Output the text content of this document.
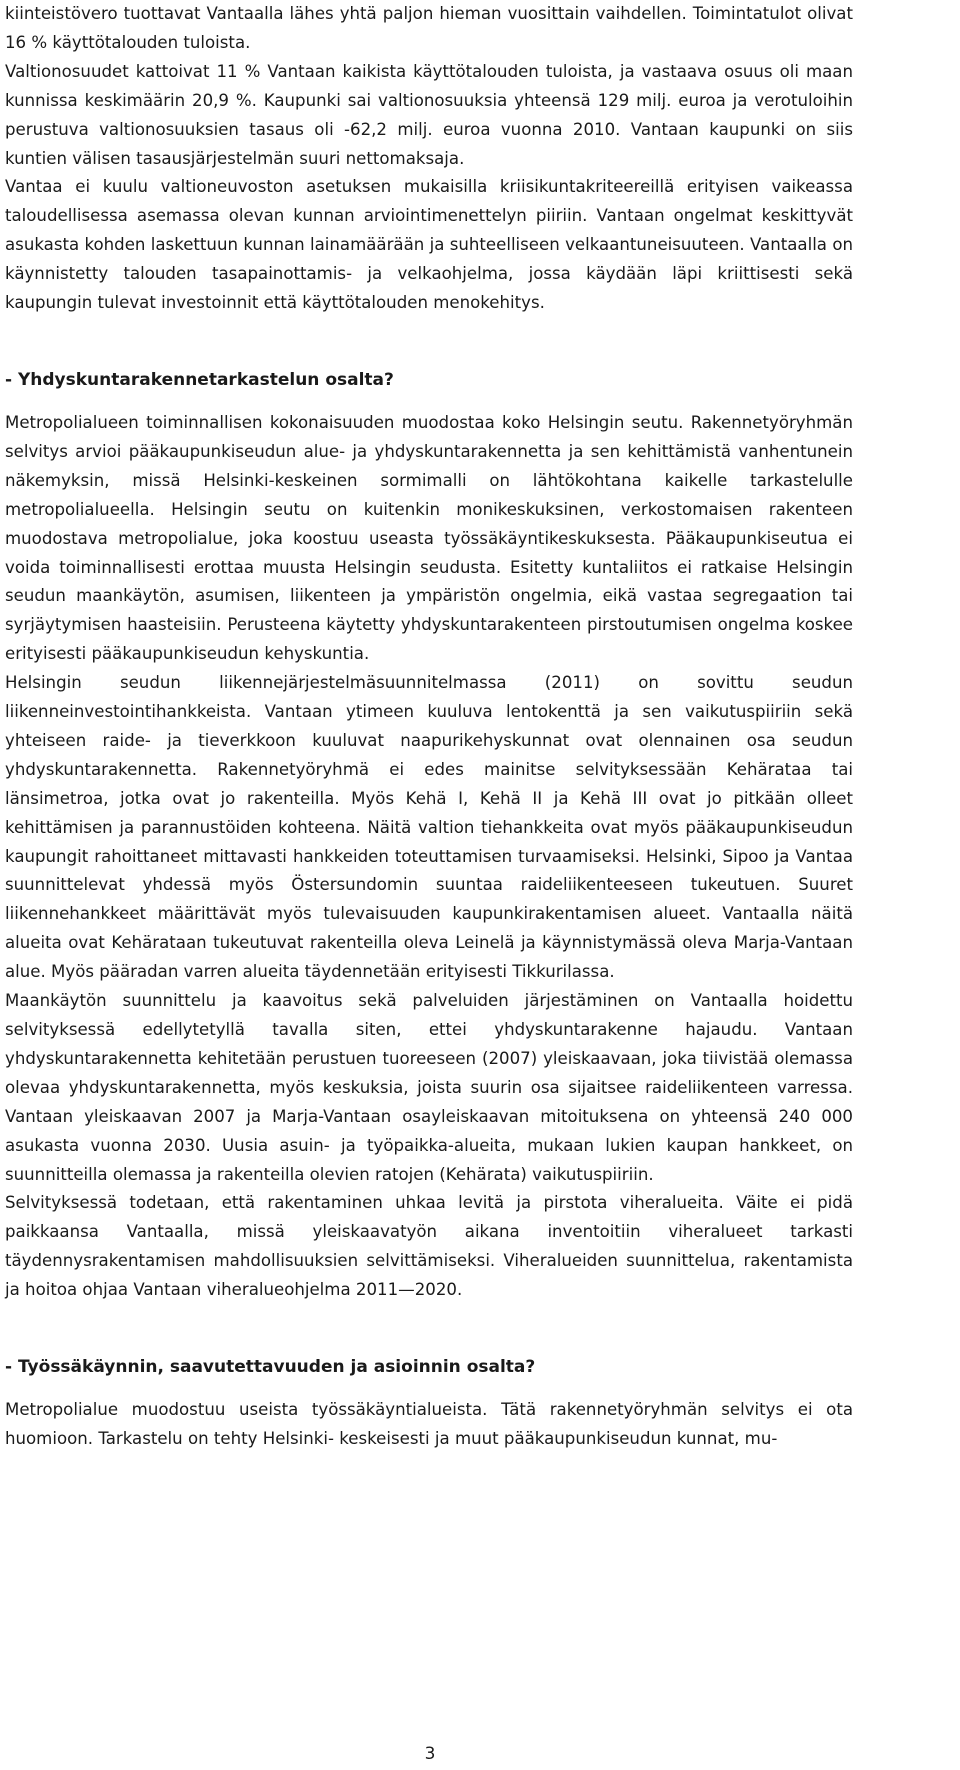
kiinteistövero tuottavat Vantaalla lähes yhtä paljon hieman vuosittain vaihdellen. Toimintatulot olivat 16 % käyttötalouden tuloista.

Valtionosuudet kattoivat 11 % Vantaan kaikista käyttötalouden tuloista, ja vastaava osuus oli maan kunnissa keskimäärin 20,9 %. Kaupunki sai valtionosuuksia yhteensä 129 milj. euroa ja verotuloihin perustuva valtionosuuksien tasaus oli -62,2 milj. euroa vuonna 2010. Vantaan kaupunki on siis kuntien välisen tasausjärjestelmän suuri nettomaksaja.

Vantaa ei kuulu valtioneuvoston asetuksen mukaisilla kriisikuntakriteereillä erityisen vaikeassa taloudellisessa asemassa olevan kunnan arviointimenettelyn piiriin. Vantaan ongelmat keskittyvät asukasta kohden laskettuun kunnan lainamäärään ja suhteelliseen velkaantuneisuuteen. Vantaalla on käynnistetty talouden tasapainottamis- ja velkaohjelma, jossa käydään läpi kriittisesti sekä kaupungin tulevat investoinnit että käyttötalouden menokehitys.

- Yhdyskuntarakennetarkastelun osalta?

Metropolialueen toiminnallisen kokonaisuuden muodostaa koko Helsingin seutu. Rakennetyöryhmän selvitys arvioi pääkaupunkiseudun alue- ja yhdyskuntarakennetta ja sen kehittämistä vanhentunein näkemyksin, missä Helsinki-keskeinen sormimalli on lähtökohtana kaikelle tarkastelulle metropolialueella. Helsingin seutu on kuitenkin monikeskuksinen, verkostomaisen rakenteen muodostava metropolialue, joka koostuu useasta työssäkäyntikeskuksesta. Pääkaupunkiseutua ei voida toiminnallisesti erottaa muusta Helsingin seudusta. Esitetty kuntaliitos ei ratkaise Helsingin seudun maankäytön, asumisen, liikenteen ja ympäristön ongelmia, eikä vastaa segregaation tai syrjäytymisen haasteisiin. Perusteena käytetty yhdyskuntarakenteen pirstoutumisen ongelma koskee erityisesti pääkaupunkiseudun kehyskuntia.

Helsingin seudun liikennejärjestelmäsuunnitelmassa (2011) on sovittu seudun liikenneinvestointihankkeista. Vantaan ytimeen kuuluva lentokenttä ja sen vaikutuspiiriin sekä yhteiseen raide- ja tieverkkoon kuuluvat naapurikehyskunnat ovat olennainen osa seudun yhdyskuntarakennetta. Rakennetyöryhmä ei edes mainitse selvityksessään Kehärataa tai länsimetroa, jotka ovat jo rakenteilla. Myös Kehä I, Kehä II ja Kehä III ovat jo pitkään olleet kehittämisen ja parannustöiden kohteena. Näitä valtion tiehankkeita ovat myös pääkaupunkiseudun kaupungit rahoittaneet mittavasti hankkeiden toteuttamisen turvaamiseksi. Helsinki, Sipoo ja Vantaa suunnittelevat yhdessä myös Östersundomin suuntaa raideliikenteeseen tukeutuen. Suuret liikennehankkeet määrittävät myös tulevaisuuden kaupunkirakentamisen alueet. Vantaalla näitä alueita ovat Kehärataan tukeutuvat rakenteilla oleva Leinelä ja käynnistymässä oleva Marja-Vantaan alue. Myös pääradan varren alueita täydennetään erityisesti Tikkurilassa.

Maankäytön suunnittelu ja kaavoitus sekä palveluiden järjestäminen on Vantaalla hoidettu selvityksessä edellytetyllä tavalla siten, ettei yhdyskuntarakenne hajaudu. Vantaan yhdyskuntarakennetta kehitetään perustuen tuoreeseen (2007) yleiskaavaan, joka tiivistää olemassa olevaa yhdyskuntarakennetta, myös keskuksia, joista suurin osa sijaitsee raideliikenteen varressa. Vantaan yleiskaavan 2007 ja Marja-Vantaan osayleiskaavan mitoituksena on yhteensä 240 000 asukasta vuonna 2030. Uusia asuin- ja työpaikka-alueita, mukaan lukien kaupan hankkeet, on suunnitteilla olemassa ja rakenteilla olevien ratojen (Kehärata) vaikutuspiiriin.

Selvityksessä todetaan, että rakentaminen uhkaa levitä ja pirstota viheralueita. Väite ei pidä paikkaansa Vantaalla, missä yleiskaavatyön aikana inventoitiin viheralueet tarkasti täydennysrakentamisen mahdollisuuksien selvittämiseksi. Viheralueiden suunnittelua, rakentamista ja hoitoa ohjaa Vantaan viheralueohjelma 2011—2020.

- Työssäkäynnin, saavutettavuuden ja asioinnin osalta?

Metropolialue muodostuu useista työssäkäyntialueista. Tätä rakennetyöryhmän selvitys ei ota huomioon. Tarkastelu on tehty Helsinki- keskeisesti ja muut pääkaupunkiseudun kunnat, mu-

3
